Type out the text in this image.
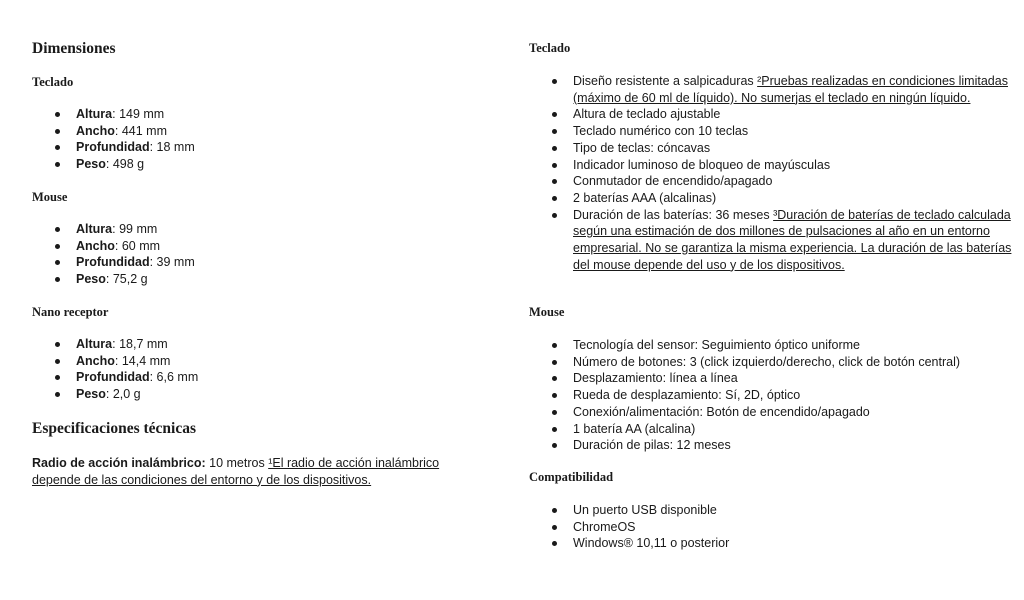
Dimensiones
Teclado
Altura: 149 mm
Ancho: 441 mm
Profundidad: 18 mm
Peso: 498 g
Mouse
Altura: 99 mm
Ancho: 60 mm
Profundidad: 39 mm
Peso: 75,2 g
Nano receptor
Altura: 18,7 mm
Ancho: 14,4 mm
Profundidad: 6,6 mm
Peso: 2,0 g
Especificaciones técnicas

Radio de acción inalámbrico: 10 metros ¹El radio de acción inalámbrico depende de las condiciones del entorno y de los dispositivos.

Teclado
Diseño resistente a salpicaduras ²Pruebas realizadas en condiciones limitadas (máximo de 60 ml de líquido). No sumerjas el teclado en ningún líquido.
Altura de teclado ajustable
Teclado numérico con 10 teclas
Tipo de teclas: cóncavas
Indicador luminoso de bloqueo de mayúsculas
Conmutador de encendido/apagado
2 baterías AAA (alcalinas)
Duración de las baterías: 36 meses ³Duración de baterías de teclado calculada según una estimación de dos millones de pulsaciones al año en un entorno empresarial. No se garantiza la misma experiencia. La duración de las baterías del mouse depende del uso y de los dispositivos.
Mouse
Tecnología del sensor: Seguimiento óptico uniforme
Número de botones: 3 (click izquierdo/derecho, click de botón central)
Desplazamiento: línea a línea
Rueda de desplazamiento: Sí, 2D, óptico
Conexión/alimentación: Botón de encendido/apagado
1 batería AA (alcalina)
Duración de pilas: 12 meses
Compatibilidad
Un puerto USB disponible
ChromeOS
Windows® 10,11 o posterior
